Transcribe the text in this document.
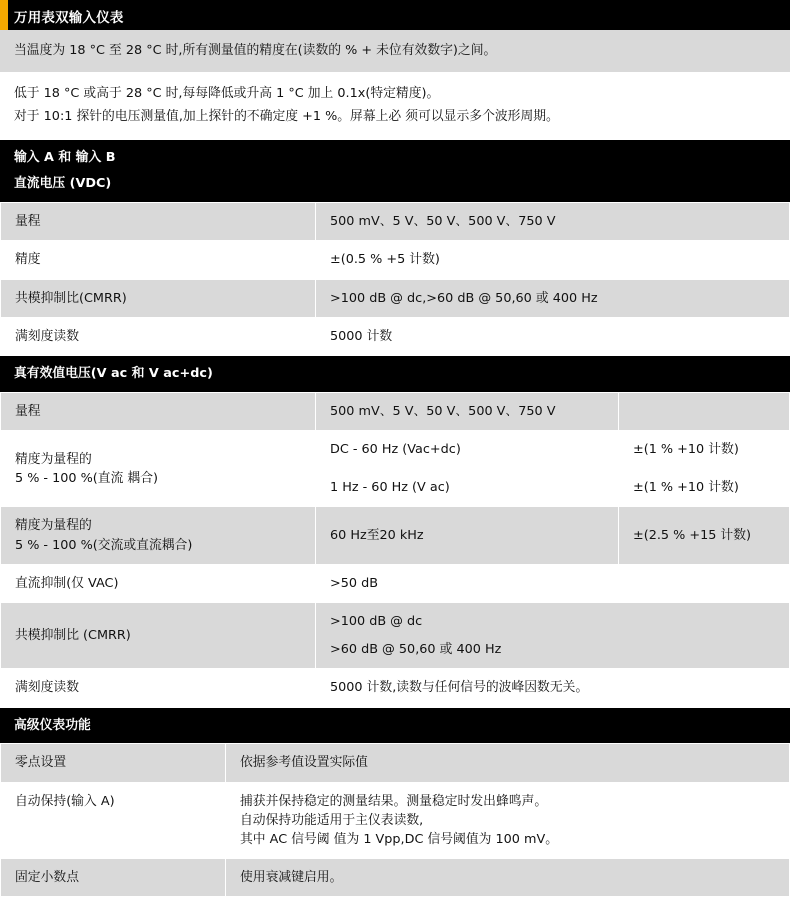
万用表双输入仪表
当温度为 18 °C 至 28 °C 时,所有测量值的精度在(读数的 % + 未位有效数字)之间。
低于 18 °C 或高于 28 °C 时,每每降低或升高 1 °C 加上 0.1x(特定精度)。
对于 10:1 探针的电压测量值,加上探针的不确定度 +1 %。屏幕上必 须可以显示多个波形周期。
输入 A 和 输入 B
直流电压 (VDC)
量程	500 mV、5 V、50 V、500 V、750 V
精度	±(0.5 % +5 计数)
共模抑制比(CMRR)	>100 dB @ dc,>60 dB @ 50,60 或 400 Hz
满刻度读数	5000 计数
真有效值电压(V ac 和 V ac+dc)
量程	500 mV、5 V、50 V、500 V、750 V	

精度为量程的
5 % - 100 %(直流 耦合)	DC - 60 Hz (Vac+dc)	±(1 % +10 计数)
	1 Hz - 60 Hz (V ac)	±(1 % +10 计数)

精度为量程的
5 % - 100 %(交流或直流耦合)	60 Hz至20 kHz	±(2.5 % +15 计数)
直流抑制(仅 VAC)	>50 dB	
共模抑制比 (CMRR)	>100 dB @ dc
>60 dB @ 50,60 或 400 Hz	

满刻度读数	5000 计数,读数与任何信号的波峰因数无关。	
高级仪表功能
零点设置	依据参考值设置实际值
自动保持(输入 A)	捕获并保持稳定的测量结果。测量稳定时发出蜂鸣声。
自动保持功能适用于主仪表读数,
其中 AC 信号阈 值为 1 Vpp,DC 信号阈值为 100 mV。

固定小数点	使用衰减键启用。
